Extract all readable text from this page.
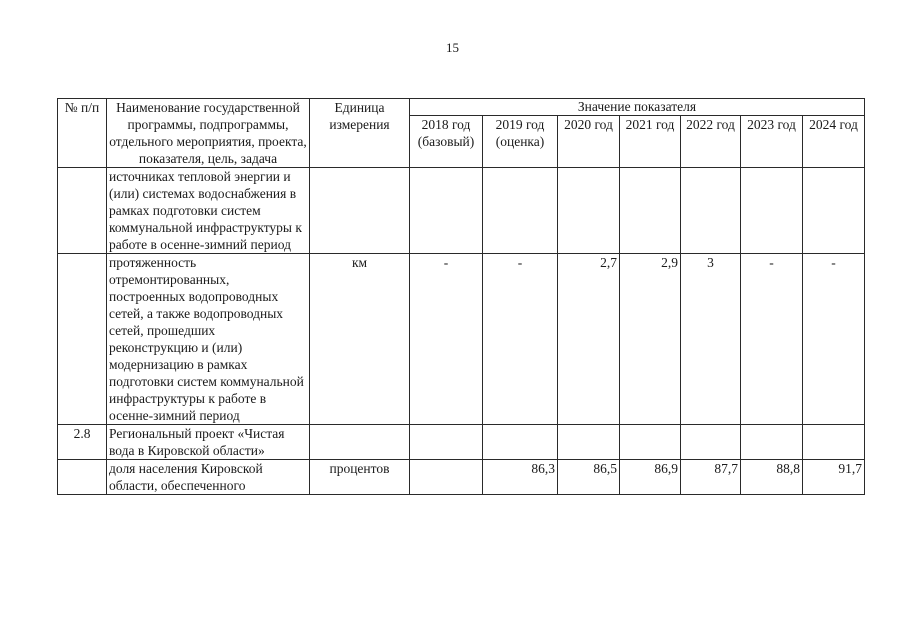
15
№ п/п	Наименование государственной программы, подпрограммы, отдельного мероприятия, проекта, показателя, цель, задача	Единица измерения	Значение показателя						
			2018 год (базовый)	2019 год (оценка)	2020 год	2021 год	2022 год	2023 год	2024 год
	источниках тепловой энергии и (или) системах водоснабжения в рамках подготовки систем коммунальной инфраструктуры к работе в осенне-зимний период								
	протяженность отремонтированных, построенных водопроводных сетей, а также водопроводных сетей, прошедших реконструкцию и (или) модернизацию в рамках подготовки систем коммунальной инфраструктуры к работе в осенне-зимний период	км	-	-	2,7	2,9	3	-	-
2.8	Региональный проект «Чистая вода в Кировской области»								
	доля населения Кировской области, обеспеченного	процентов		86,3	86,5	86,9	87,7	88,8	91,7
